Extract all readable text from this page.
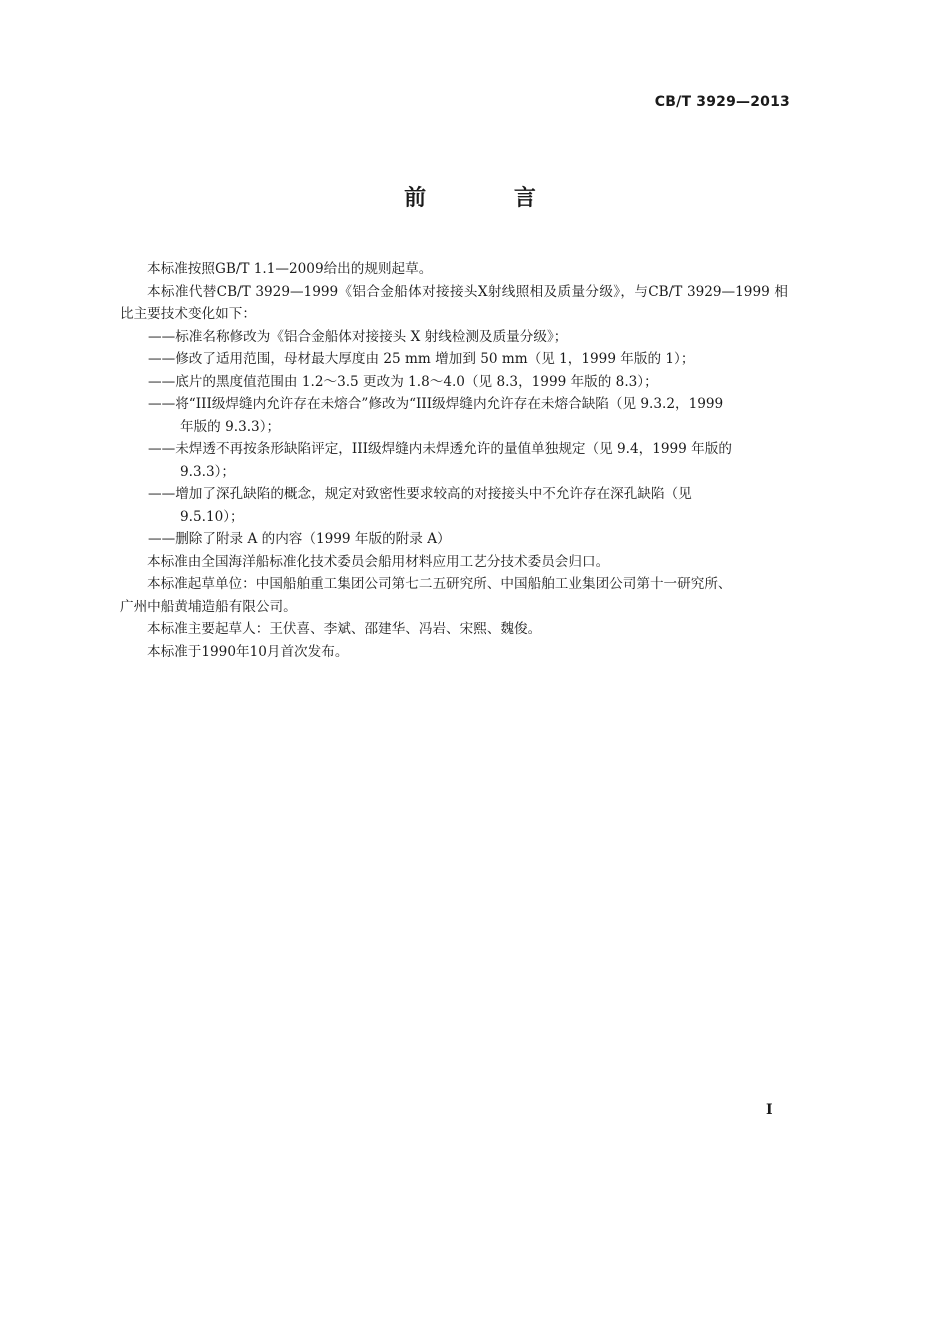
CB/T 3929—2013
前 言

本标准按照GB/T 1.1—2009给出的规则起草。

本标准代替CB/T 3929—1999《铝合金船体对接接头X射线照相及质量分级》，与CB/T 3929—1999 相

比主要技术变化如下：

——标准名称修改为《铝合金船体对接接头 X 射线检测及质量分级》；

——修改了适用范围，母材最大厚度由 25 mm 增加到 50 mm（见 1，1999 年版的 1）；

——底片的黑度值范围由 1.2～3.5 更改为 1.8～4.0（见 8.3，1999 年版的 8.3）；

——将“III级焊缝内允许存在未熔合”修改为“III级焊缝内允许存在未熔合缺陷（见 9.3.2，1999
年版的 9.3.3）；

——未焊透不再按条形缺陷评定，III级焊缝内未焊透允许的量值单独规定（见 9.4，1999 年版的
9.3.3）；

——增加了深孔缺陷的概念，规定对致密性要求较高的对接接头中不允许存在深孔缺陷（见
9.5.10）；

——删除了附录 A 的内容（1999 年版的附录 A）

本标准由全国海洋船标准化技术委员会船用材料应用工艺分技术委员会归口。

本标准起草单位：中国船舶重工集团公司第七二五研究所、中国船舶工业集团公司第十一研究所、

广州中船黄埔造船有限公司。

本标准主要起草人：王伏喜、李斌、邵建华、冯岩、宋熙、魏俊。

本标准于1990年10月首次发布。

I
